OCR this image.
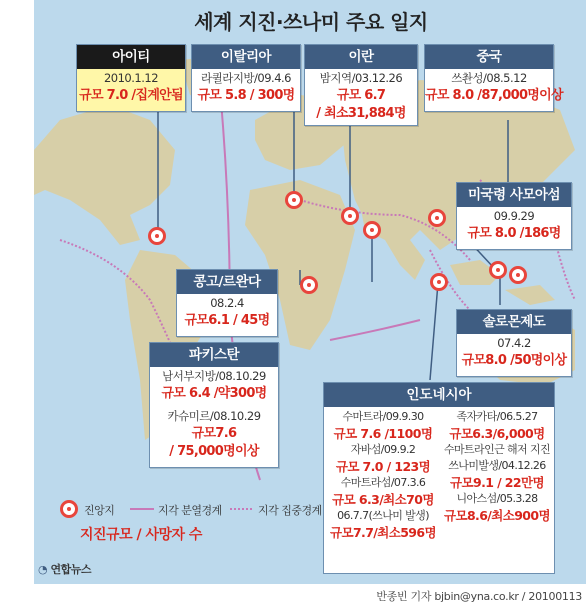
세계 지진·쓰나미 주요 일지
아이티
2010.1.12
규모 7.0 /집계안됨
이탈리아
라퀼라지방/09.4.6
규모 5.8 / 300명
이란
밤지역/03.12.26
규모 6.7
/ 최소31,884명
중국
쓰촨성/08.5.12
규모 8.0 /87,000명이상
미국령 사모아섬
09.9.29
규모 8.0 /186명
콩고/르완다
08.2.4
규모6.1 / 45명
파키스탄
남서부지방/08.10.29
규모 6.4 /약300명
카슈미르/08.10.29
규모7.6
/ 75,000명이상
솔로몬제도
07.4.2
규모8.0 /50명이상
인도네시아
수마트라/09.9.30
규모 7.6 /1100명
자바섬/09.9.2
규모 7.0 / 123명
수마트라섬/07.3.6
규모 6.3/최소70명
06.7.7(쓰나미 발생)
규모7.7/최소596명
족자카타/06.5.27
규모6.3/6,000명
수마트라인근 해저 지진
쓰나미발생/04.12.26
규모9.1 / 22만명
니아스섬/05.3.28
규모8.6/최소900명
진앙지	지각 분열경계	지각 집중경계
지진규모 / 사망자 수
◔ 연합뉴스
반종빈 기자 bjbin@yna.co.kr / 20100113
